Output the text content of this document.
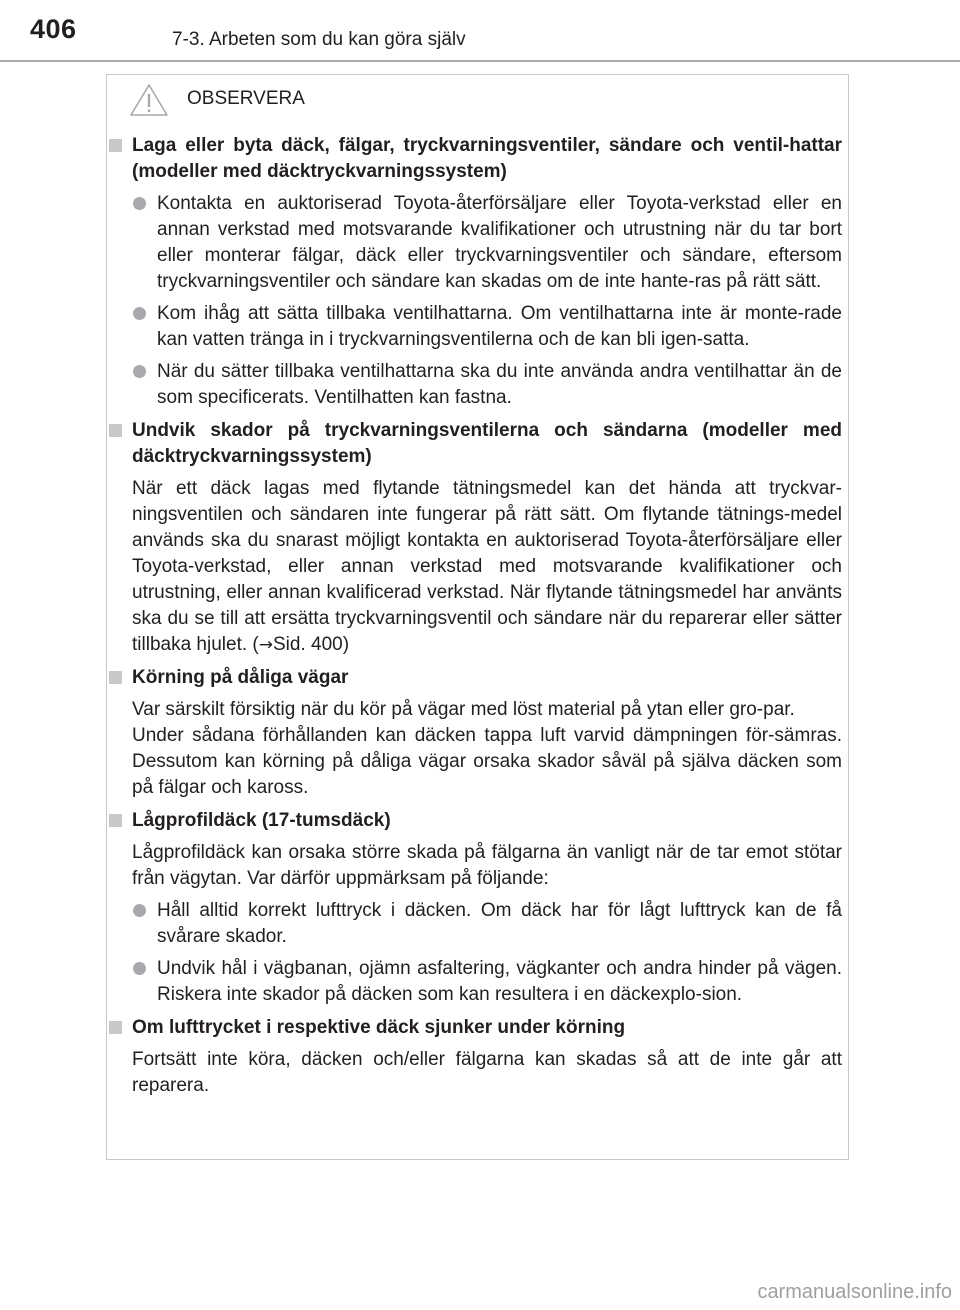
406	7-3. Arbeten som du kan göra själv
OBSERVERA
Laga eller byta däck, fälgar, tryckvarningsventiler, sändare och ventil-hattar (modeller med däcktryckvarningssystem)
Kontakta en auktoriserad Toyota-återförsäljare eller Toyota-verkstad eller en annan verkstad med motsvarande kvalifikationer och utrustning när du tar bort eller monterar fälgar, däck eller tryckvarningsventiler och sändare, eftersom tryckvarningsventiler och sändare kan skadas om de inte hante-ras på rätt sätt.
Kom ihåg att sätta tillbaka ventilhattarna. Om ventilhattarna inte är monte-rade kan vatten tränga in i tryckvarningsventilerna och de kan bli igen-satta.
När du sätter tillbaka ventilhattarna ska du inte använda andra ventilhattar än de som specificerats. Ventilhatten kan fastna.
Undvik skador på tryckvarningsventilerna och sändarna (modeller med däcktryckvarningssystem)
När ett däck lagas med flytande tätningsmedel kan det hända att tryckvar-ningsventilen och sändaren inte fungerar på rätt sätt. Om flytande tätnings-medel används ska du snarast möjligt kontakta en auktoriserad Toyota-återförsäljare eller Toyota-verkstad, eller annan verkstad med motsvarande kvalifikationer och utrustning, eller annan kvalificerad verkstad. När flytande tätningsmedel har använts ska du se till att ersätta tryckvarningsventil och sändare när du reparerar eller sätter tillbaka hjulet. (→Sid. 400)
Körning på dåliga vägar
Var särskilt försiktig när du kör på vägar med löst material på ytan eller gro-par.
Under sådana förhållanden kan däcken tappa luft varvid dämpningen för-sämras. Dessutom kan körning på dåliga vägar orsaka skador såväl på själva däcken som på fälgar och kaross.
Lågprofildäck (17-tumsdäck)
Lågprofildäck kan orsaka större skada på fälgarna än vanligt när de tar emot stötar från vägytan. Var därför uppmärksam på följande:
Håll alltid korrekt lufttryck i däcken. Om däck har för lågt lufttryck kan de få svårare skador.
Undvik hål i vägbanan, ojämn asfaltering, vägkanter och andra hinder på vägen. Riskera inte skador på däcken som kan resultera i en däckexplo-sion.
Om lufttrycket i respektive däck sjunker under körning
Fortsätt inte köra, däcken och/eller fälgarna kan skadas så att de inte går att reparera.
carmanualsonline.info
